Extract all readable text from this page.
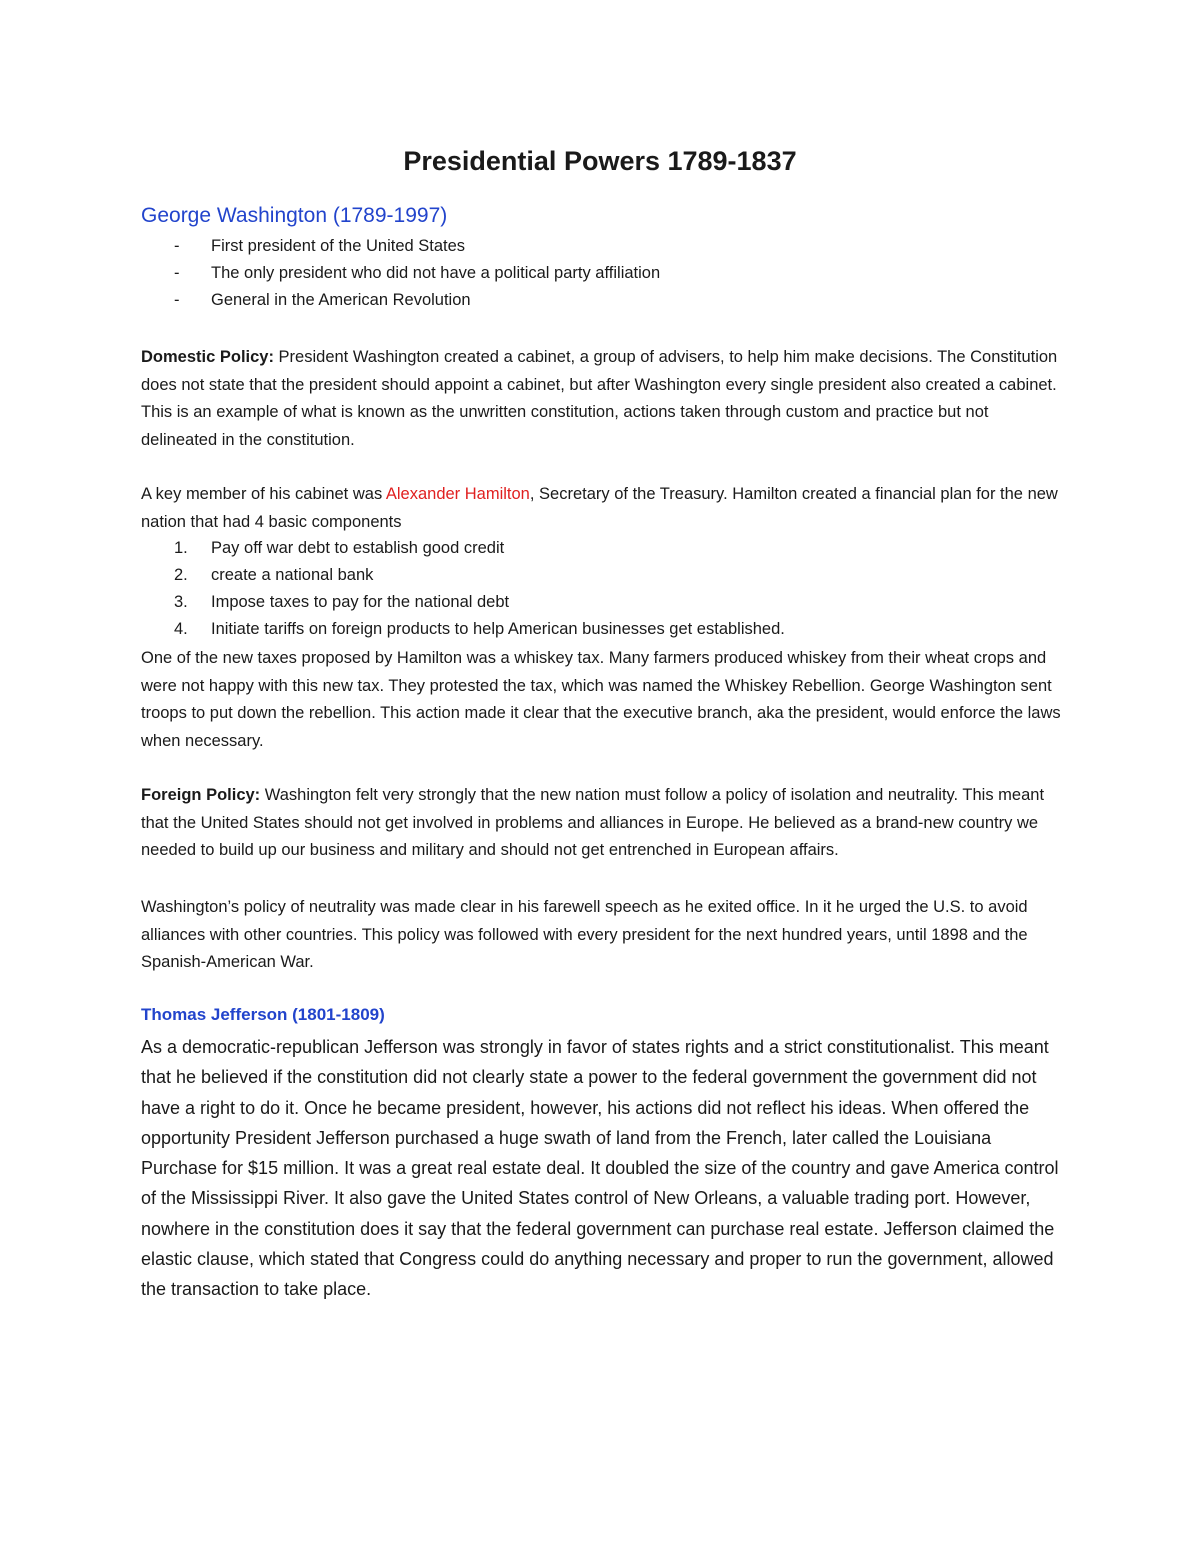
Presidential Powers 1789-1837
George Washington (1789-1997)
- First president of the United States
- The only president who did not have a political party affiliation
- General in the American Revolution

Domestic Policy: President Washington created a cabinet, a group of advisers, to help him make decisions. The Constitution does not state that the president should appoint a cabinet, but after Washington every single president also created a cabinet. This is an example of what is known as the unwritten constitution, actions taken through custom and practice but not delineated in the constitution.

A key member of his cabinet was Alexander Hamilton, Secretary of the Treasury. Hamilton created a financial plan for the new nation that had 4 basic components

1. Pay off war debt to establish good credit
2. create a national bank
3. Impose taxes to pay for the national debt
4. Initiate tariffs on foreign products to help American businesses get established.

One of the new taxes proposed by Hamilton was a whiskey tax. Many farmers produced whiskey from their wheat crops and were not happy with this new tax. They protested the tax, which was named the Whiskey Rebellion. George Washington sent troops to put down the rebellion. This action made it clear that the executive branch, aka the president, would enforce the laws when necessary.

Foreign Policy: Washington felt very strongly that the new nation must follow a policy of isolation and neutrality. This meant that the United States should not get involved in problems and alliances in Europe. He believed as a brand-new country we needed to build up our business and military and should not get entrenched in European affairs.

Washington’s policy of neutrality was made clear in his farewell speech as he exited office. In it he urged the U.S. to avoid alliances with other countries. This policy was followed with every president for the next hundred years, until 1898 and the Spanish-American War.

Thomas Jefferson (1801-1809)

As a democratic-republican Jefferson was strongly in favor of states rights and a strict constitutionalist. This meant that he believed if the constitution did not clearly state a power to the federal government the government did not have a right to do it. Once he became president, however, his actions did not reflect his ideas. When offered the opportunity President Jefferson purchased a huge swath of land from the French, later called the Louisiana Purchase for $15 million. It was a great real estate deal. It doubled the size of the country and gave America control of the Mississippi River. It also gave the United States control of New Orleans, a valuable trading port. However, nowhere in the constitution does it say that the federal government can purchase real estate. Jefferson claimed the elastic clause, which stated that Congress could do anything necessary and proper to run the government, allowed the transaction to take place.
